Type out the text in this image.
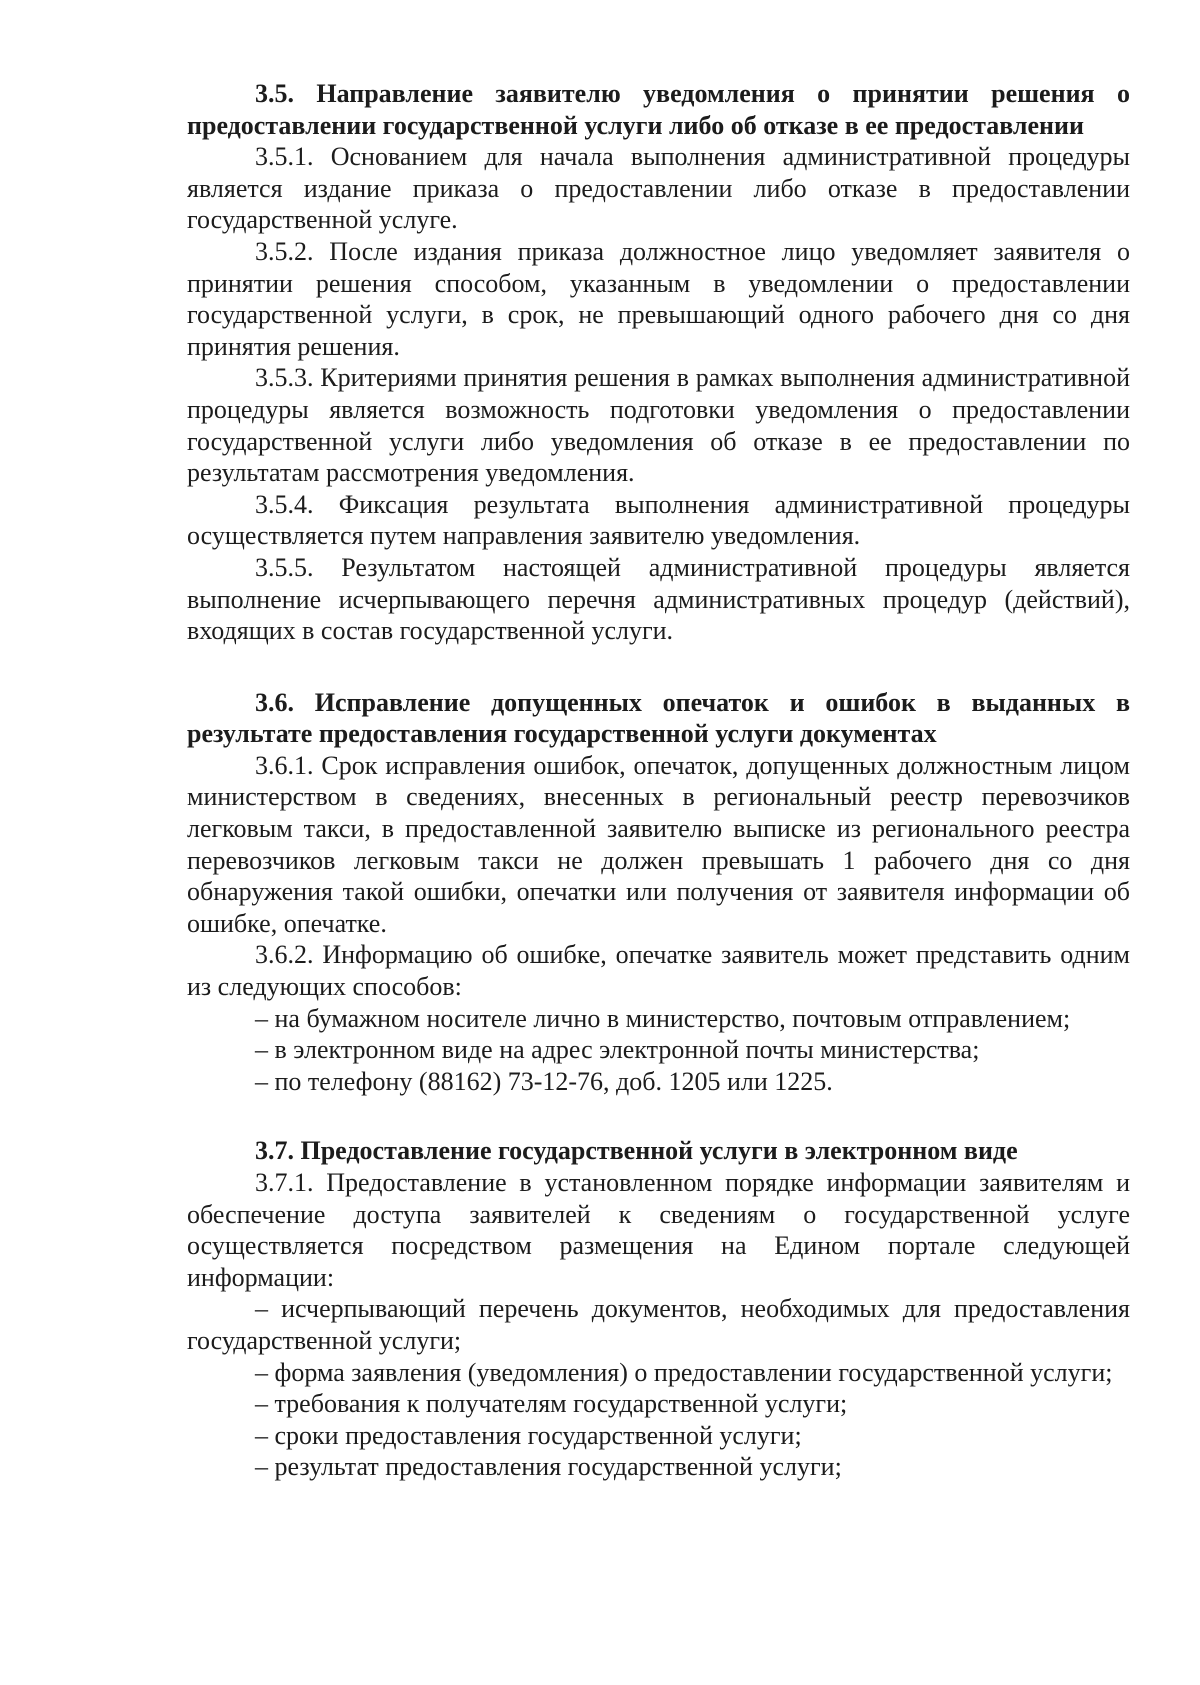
3.5. Направление заявителю уведомления о принятии решения о предоставлении государственной услуги либо об отказе в ее предоставлении

3.5.1. Основанием для начала выполнения административной процедуры является издание приказа о предоставлении либо отказе в предоставлении государственной услуге.

3.5.2. После издания приказа должностное лицо уведомляет заявителя о принятии решения способом, указанным в уведомлении о предоставлении государственной услуги, в срок, не превышающий одного рабочего дня со дня принятия решения.

3.5.3. Критериями принятия решения в рамках выполнения административной процедуры является возможность подготовки уведомления о предоставлении государственной услуги либо уведомления об отказе в ее предоставлении по результатам рассмотрения уведомления.

3.5.4. Фиксация результата выполнения административной процедуры осуществляется путем направления заявителю уведомления.

3.5.5. Результатом настоящей административной процедуры является выполнение исчерпывающего перечня административных процедур (действий), входящих в состав государственной услуги.

3.6. Исправление допущенных опечаток и ошибок в выданных в результате предоставления государственной услуги документах

3.6.1. Срок исправления ошибок, опечаток, допущенных должностным лицом министерством в сведениях, внесенных в региональный реестр перевозчиков легковым такси, в предоставленной заявителю выписке из регионального реестра перевозчиков легковым такси не должен превышать 1 рабочего дня со дня обнаружения такой ошибки, опечатки или получения от заявителя информации об ошибке, опечатке.

3.6.2. Информацию об ошибке, опечатке заявитель может представить одним из следующих способов:

– на бумажном носителе лично в министерство, почтовым отправлением;

– в электронном виде на адрес электронной почты министерства;

– по телефону (88162) 73-12-76, доб. 1205 или 1225.

3.7. Предоставление государственной услуги в электронном виде

3.7.1. Предоставление в установленном порядке информации заявителям и обеспечение доступа заявителей к сведениям о государственной услуге осуществляется посредством размещения на Едином портале следующей информации:

– исчерпывающий перечень документов, необходимых для предоставления государственной услуги;

– форма заявления (уведомления) о предоставлении государственной услуги;

– требования к получателям государственной услуги;

– сроки предоставления государственной услуги;

– результат предоставления государственной услуги;
